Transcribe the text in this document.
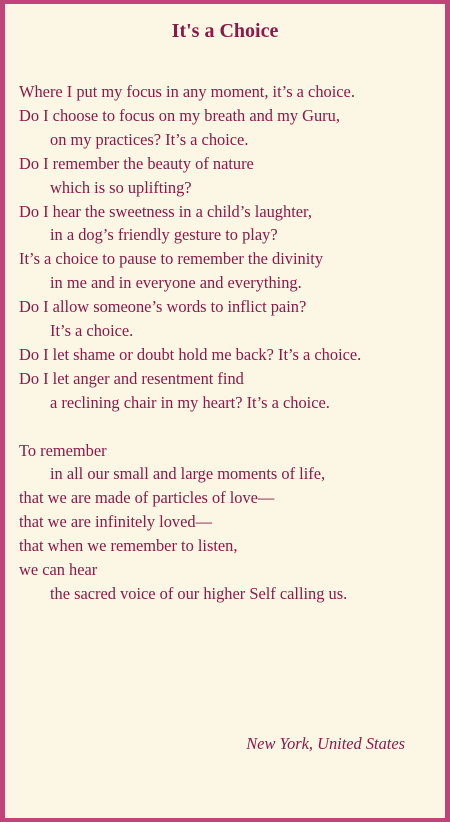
It's a Choice
Where I put my focus in any moment, it’s a choice.
Do I choose to focus on my breath and my Guru,
on my practices? It’s a choice.
Do I remember the beauty of nature
which is so uplifting?
Do I hear the sweetness in a child’s laughter,
in a dog’s friendly gesture to play?
It’s a choice to pause to remember the divinity
in me and in everyone and everything.
Do I allow someone’s words to inflict pain?
It’s a choice.
Do I let shame or doubt hold me back? It’s a choice.
Do I let anger and resentment find
a reclining chair in my heart? It’s a choice.
To remember
in all our small and large moments of life,
that we are made of particles of love—
that we are infinitely loved—
that when we remember to listen,
we can hear
the sacred voice of our higher Self calling us.
New York, United States
